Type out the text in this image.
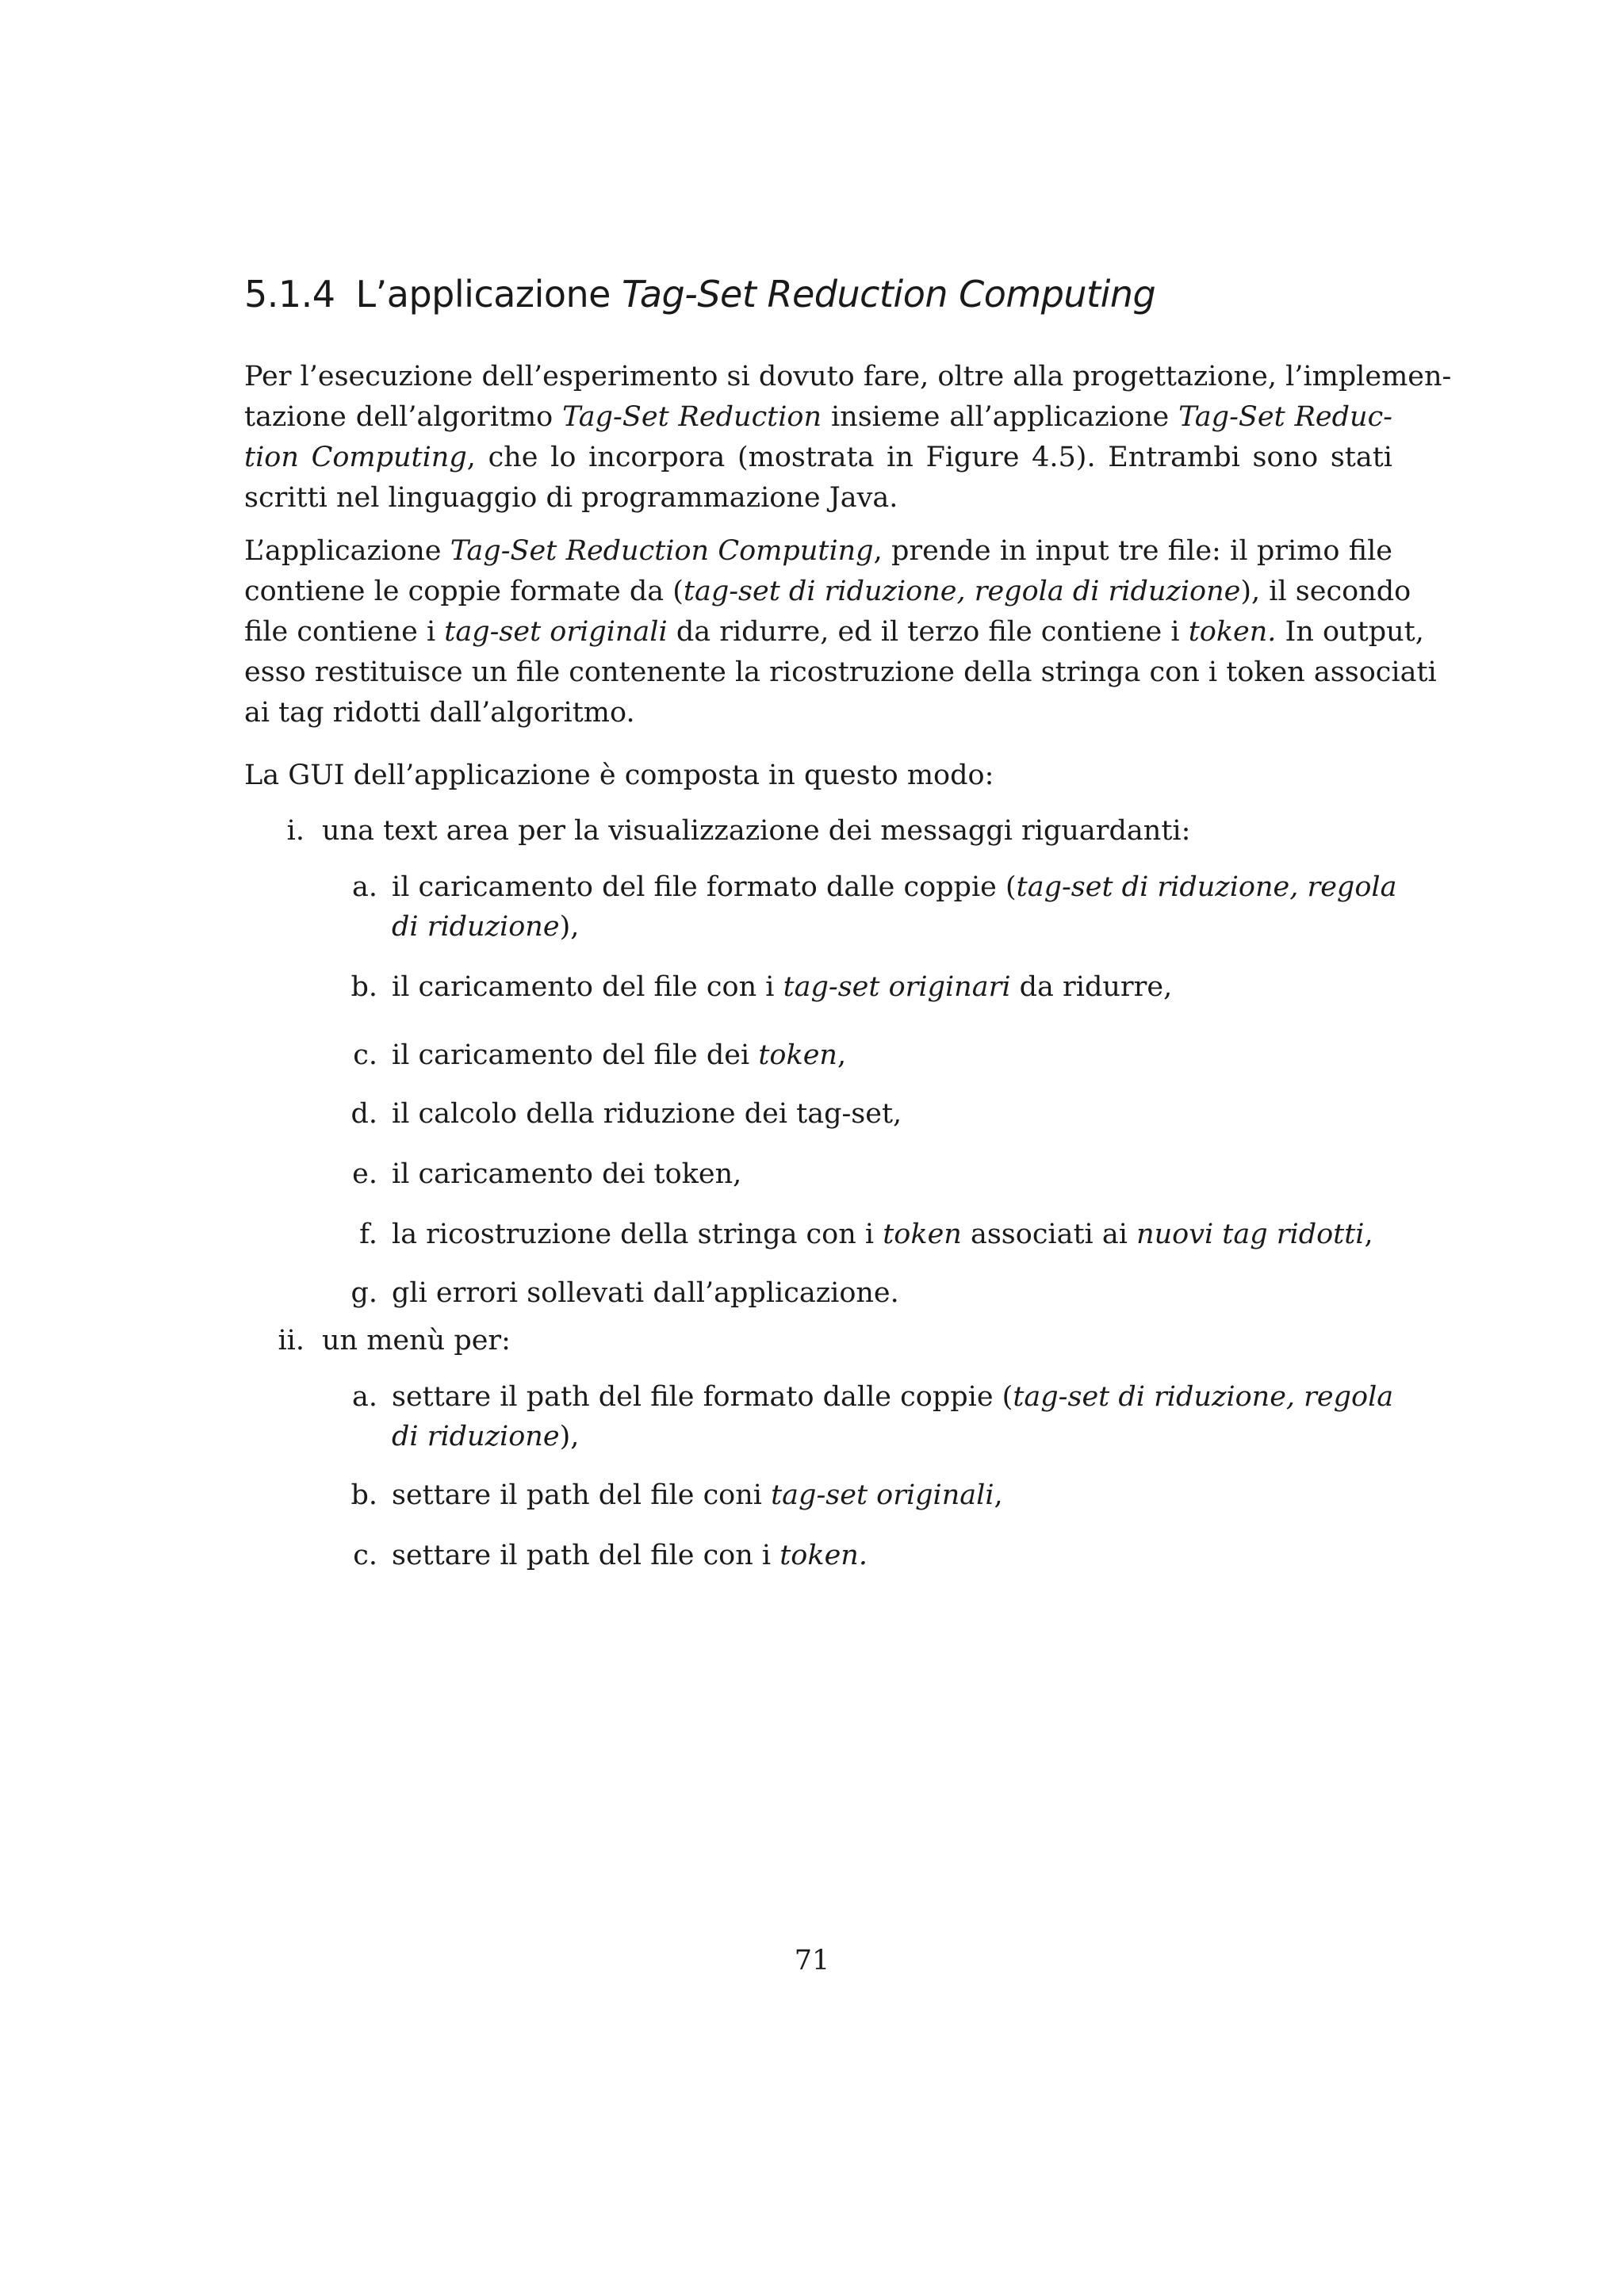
5.1.4 L’applicazione Tag-Set Reduction Computing
Per l’esecuzione dell’esperimento si dovuto fare, oltre alla progettazione, l’implemen-
tazione dell’algoritmo Tag-Set Reduction insieme all’applicazione Tag-Set Reduc-
tion Computing, che lo incorpora (mostrata in Figure 4.5). Entrambi sono stati
scritti nel linguaggio di programmazione Java.
L’applicazione Tag-Set Reduction Computing, prende in input tre file: il primo file
contiene le coppie formate da (tag-set di riduzione, regola di riduzione), il secondo
file contiene i tag-set originali da ridurre, ed il terzo file contiene i token. In output,
esso restituisce un file contenente la ricostruzione della stringa con i token associati
ai tag ridotti dall’algoritmo.
La GUI dell’applicazione è composta in questo modo:
i. una text area per la visualizzazione dei messaggi riguardanti:
a. il caricamento del file formato dalle coppie (tag-set di riduzione, regola
di riduzione),
b. il caricamento del file con i tag-set originari da ridurre,
c. il caricamento del file dei token,
d. il calcolo della riduzione dei tag-set,
e. il caricamento dei token,
f. la ricostruzione della stringa con i token associati ai nuovi tag ridotti,
g. gli errori sollevati dall’applicazione.
ii. un menù per:
a. settare il path del file formato dalle coppie (tag-set di riduzione, regola
di riduzione),
b. settare il path del file coni tag-set originali,
c. settare il path del file con i token.
71
